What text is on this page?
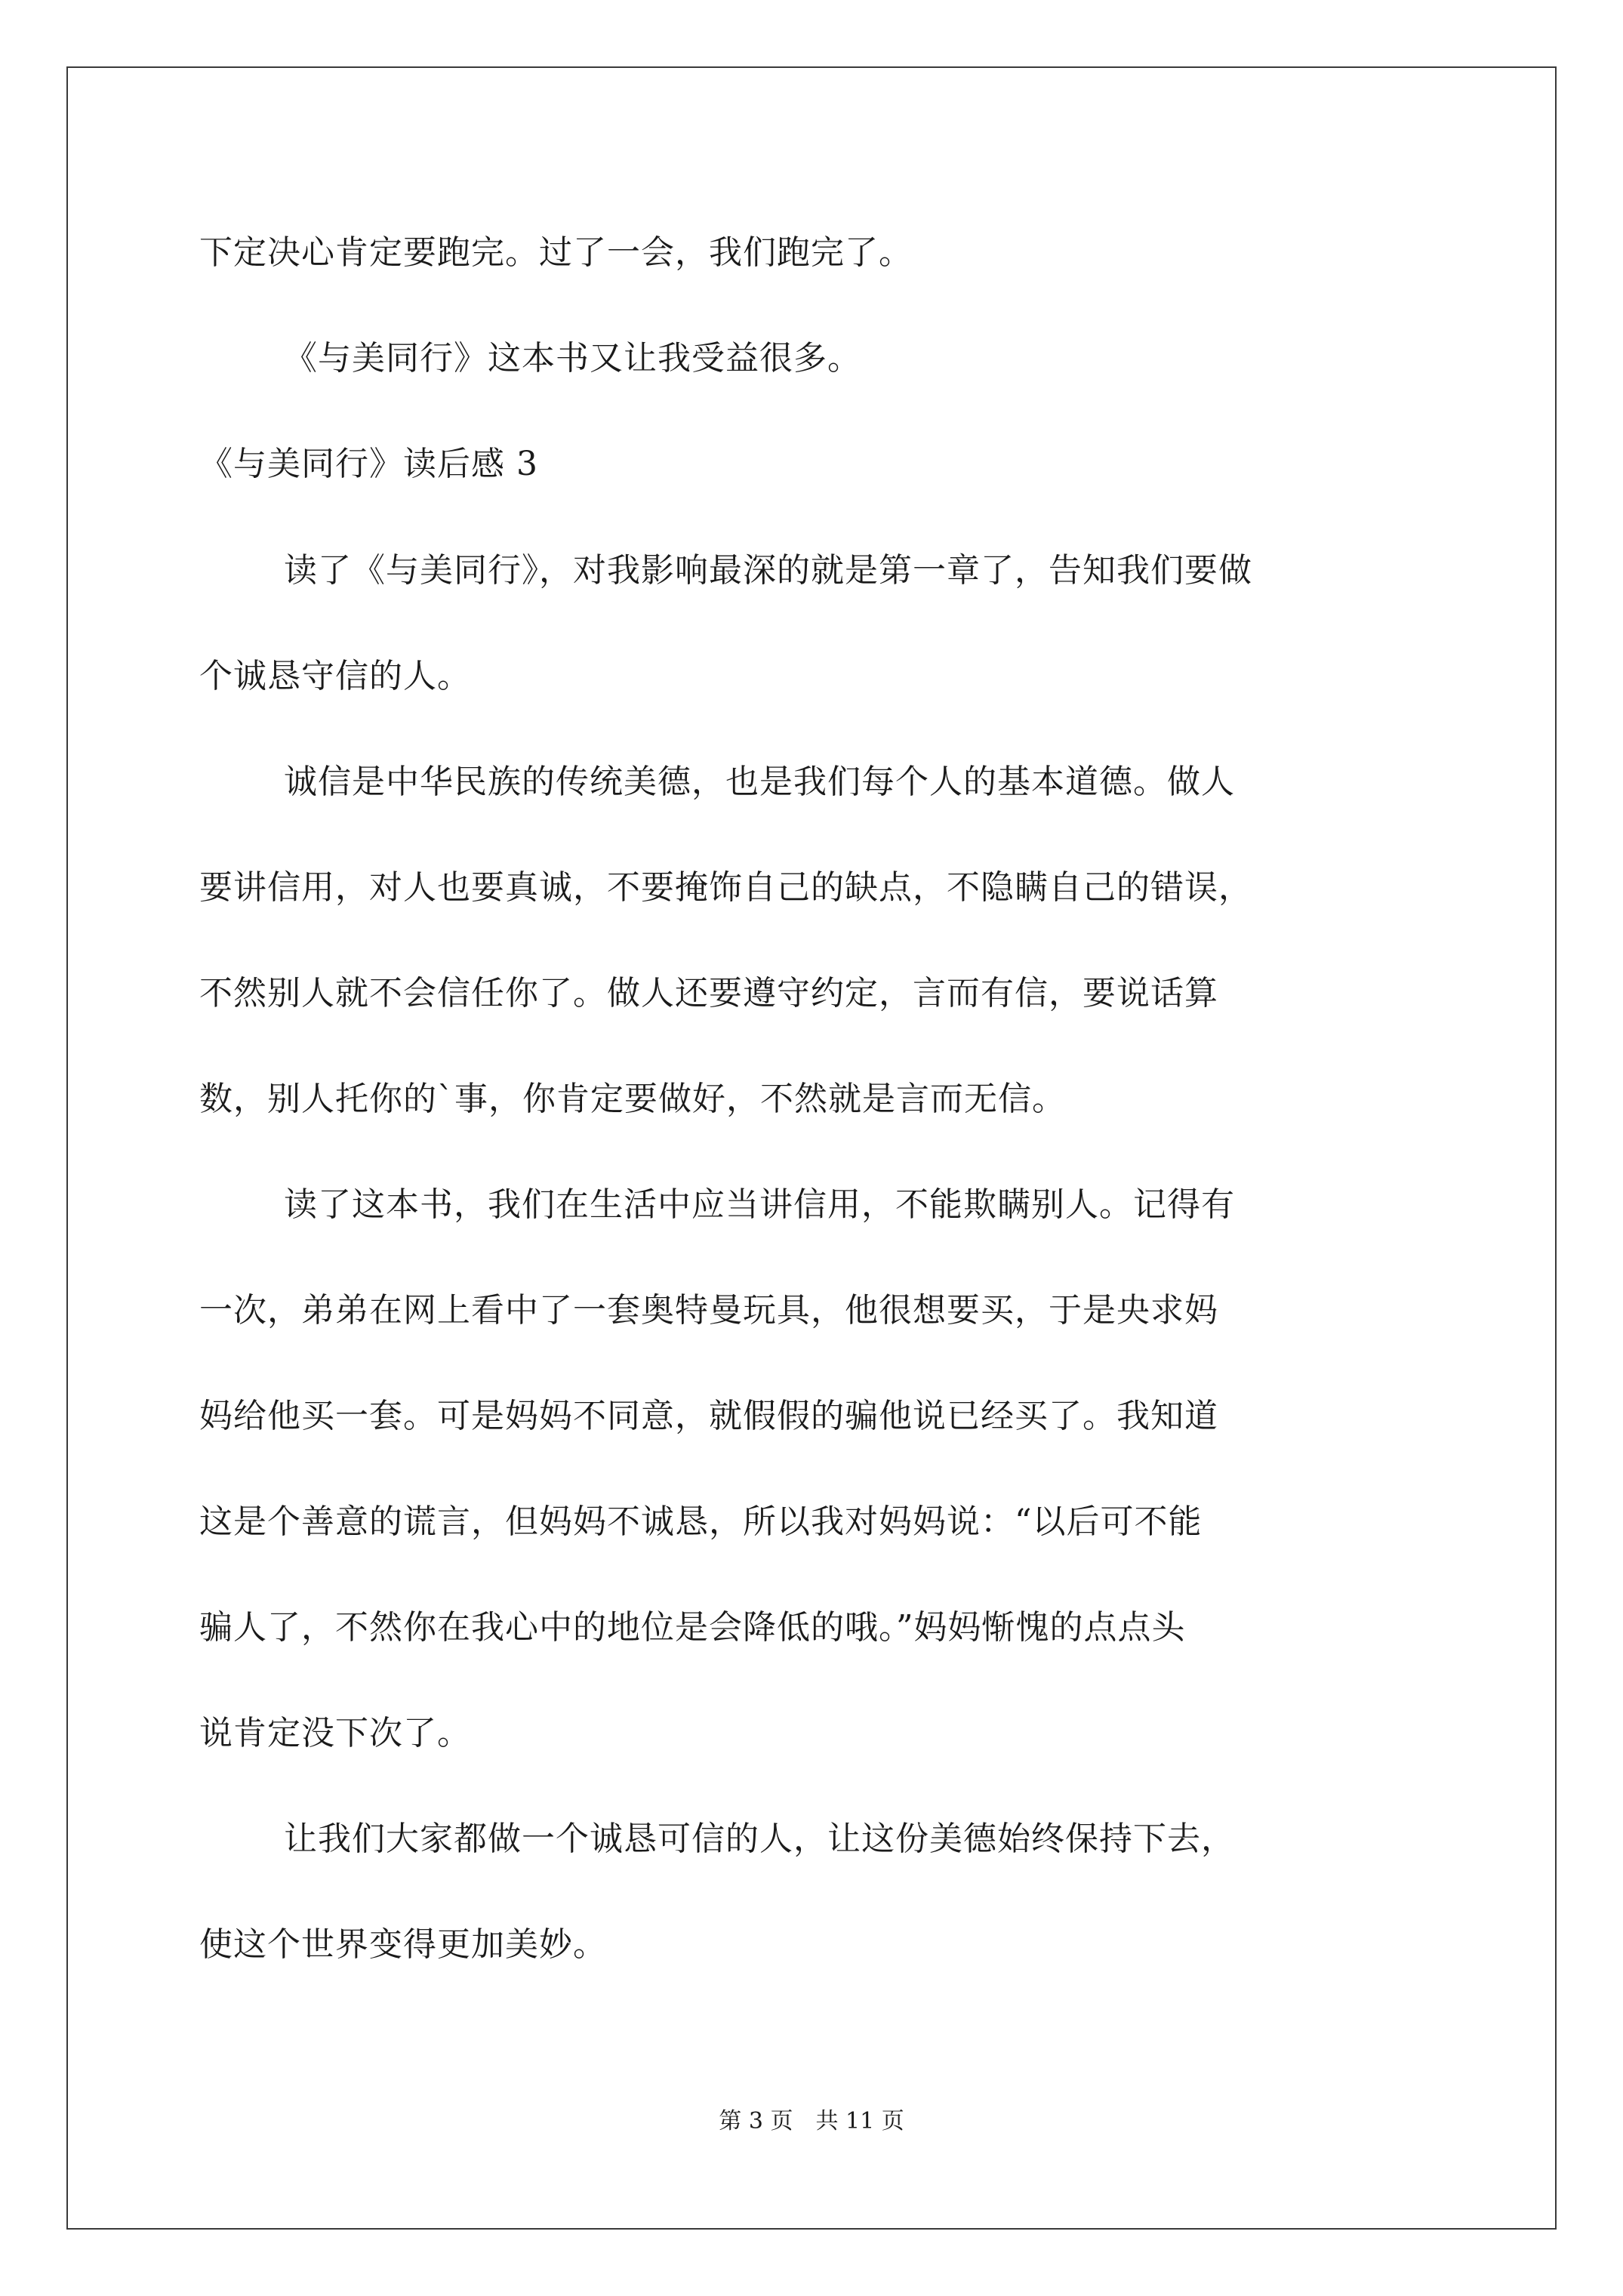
下定决心肯定要跑完。过了一会，我们跑完了。
《与美同行》这本书又让我受益很多。
《与美同行》读后感 3
读了《与美同行》，对我影响最深的就是第一章了，告知我们要做
个诚恳守信的人。
诚信是中华民族的传统美德，也是我们每个人的基本道德。做人
要讲信用，对人也要真诚，不要掩饰自己的缺点，不隐瞒自己的错误，
不然别人就不会信任你了。做人还要遵守约定，言而有信，要说话算
数，别人托你的`事，你肯定要做好，不然就是言而无信。
读了这本书，我们在生活中应当讲信用，不能欺瞒别人。记得有
一次，弟弟在网上看中了一套奥特曼玩具，他很想要买，于是央求妈
妈给他买一套。可是妈妈不同意，就假假的骗他说已经买了。我知道
这是个善意的谎言，但妈妈不诚恳，所以我对妈妈说：“以后可不能
骗人了，不然你在我心中的地位是会降低的哦。”妈妈惭愧的点点头
说肯定没下次了。
让我们大家都做一个诚恳可信的人，让这份美德始终保持下去，
使这个世界变得更加美妙。
第 3 页　共 11 页
